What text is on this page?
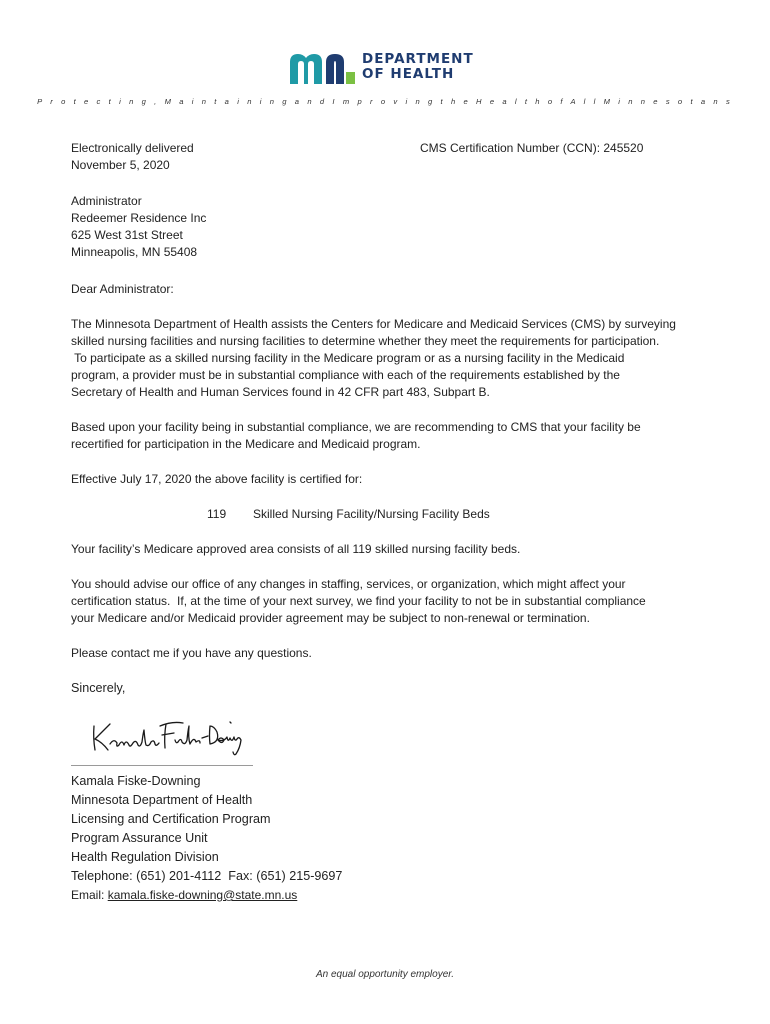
DEPARTMENT
OF HEALTH
P r o t e c t i n g , M a i n t a i n i n g a n d I m p r o v i n g t h e H e a l t h o f A l l M i n n e s o t a n s
Electronically delivered
November 5, 2020
CMS Certification Number (CCN): 245520
Administrator
Redeemer Residence Inc
625 West 31st Street
Minneapolis, MN 55408
Dear Administrator:
The Minnesota Department of Health assists the Centers for Medicare and Medicaid Services (CMS) by surveying
skilled nursing facilities and nursing facilities to determine whether they meet the requirements for participation.
To participate as a skilled nursing facility in the Medicare program or as a nursing facility in the Medicaid
program, a provider must be in substantial compliance with each of the requirements established by the
Secretary of Health and Human Services found in 42 CFR part 483, Subpart B.
Based upon your facility being in substantial compliance, we are recommending to CMS that your facility be
recertified for participation in the Medicare and Medicaid program.
Effective July 17, 2020 the above facility is certified for:
119 Skilled Nursing Facility/Nursing Facility Beds
Your facility’s Medicare approved area consists of all 119 skilled nursing facility beds.
You should advise our office of any changes in staffing, services, or organization, which might affect your
certification status.  If, at the time of your next survey, we find your facility to not be in substantial compliance
your Medicare and/or Medicaid provider agreement may be subject to non-renewal or termination.
Please contact me if you have any questions.
Sincerely,
Kamala Fiske-Downing
Minnesota Department of Health
Licensing and Certification Program
Program Assurance Unit
Health Regulation Division
Telephone: (651) 201-4112  Fax: (651) 215-9697
Email: kamala.fiske-downing@state.mn.us
An equal opportunity employer.
